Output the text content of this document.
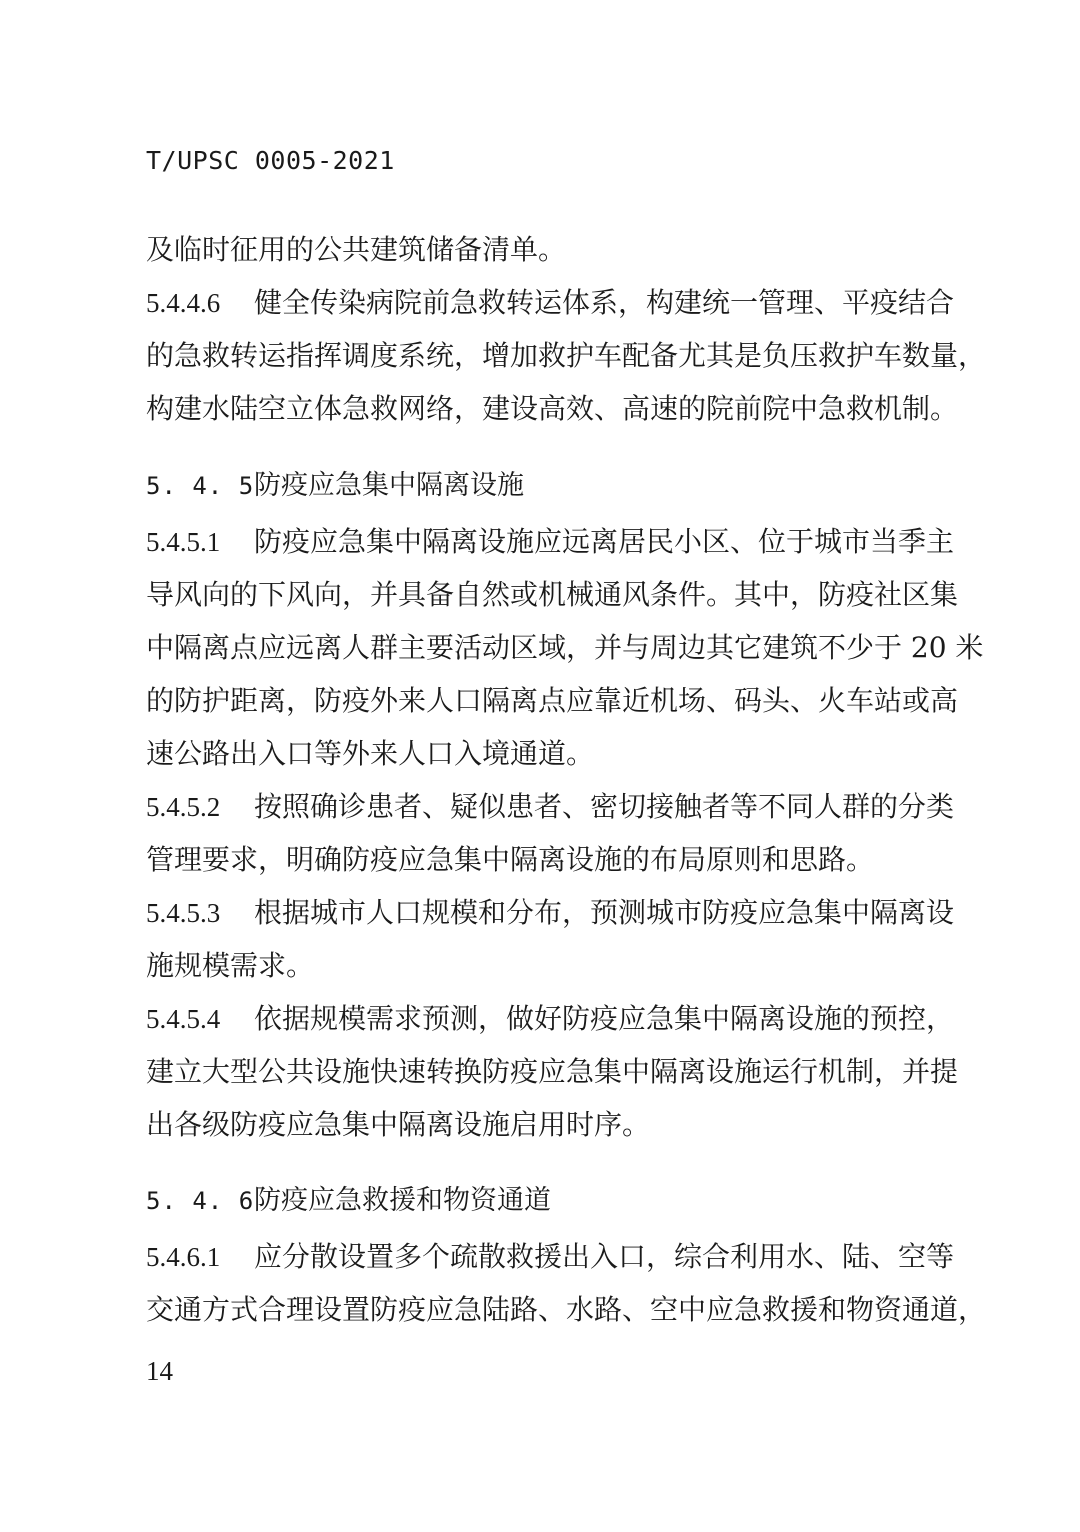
T/UPSC 0005-2021
及临时征用的公共建筑储备清单。
5.4.4.6 健全传染病院前急救转运体系，构建统一管理、平疫结合
的急救转运指挥调度系统，增加救护车配备尤其是负压救护车数量，
构建水陆空立体急救网络，建设高效、高速的院前院中急救机制。
5. 4. 5防疫应急集中隔离设施
5.4.5.1 防疫应急集中隔离设施应远离居民小区、位于城市当季主
导风向的下风向，并具备自然或机械通风条件。其中，防疫社区集
中隔离点应远离人群主要活动区域，并与周边其它建筑不少于 20 米
的防护距离，防疫外来人口隔离点应靠近机场、码头、火车站或高
速公路出入口等外来人口入境通道。
5.4.5.2 按照确诊患者、疑似患者、密切接触者等不同人群的分类
管理要求，明确防疫应急集中隔离设施的布局原则和思路。
5.4.5.3 根据城市人口规模和分布，预测城市防疫应急集中隔离设
施规模需求。
5.4.5.4 依据规模需求预测，做好防疫应急集中隔离设施的预控，
建立大型公共设施快速转换防疫应急集中隔离设施运行机制，并提
出各级防疫应急集中隔离设施启用时序。
5. 4. 6防疫应急救援和物资通道
5.4.6.1 应分散设置多个疏散救援出入口，综合利用水、陆、空等
交通方式合理设置防疫应急陆路、水路、空中应急救援和物资通道，
14
